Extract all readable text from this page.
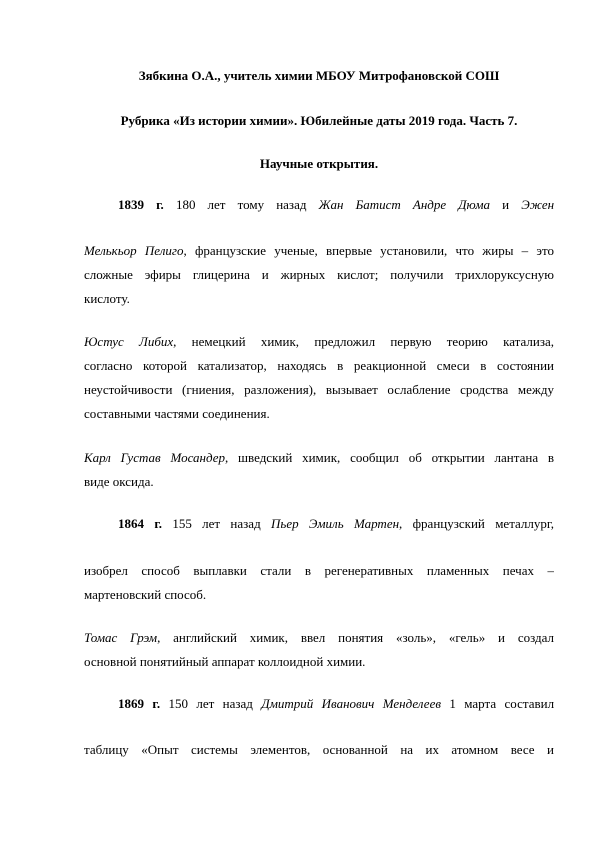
Зябкина О.А., учитель химии МБОУ Митрофановской СОШ
Рубрика «Из истории химии». Юбилейные даты 2019 года. Часть 7.
Научные открытия.
1839 г. 180 лет тому назад Жан Батист Андре Дюма и Эжен
Мелькьор Пелиго, французские ученые, впервые установили, что жиры – это
сложные эфиры глицерина и жирных кислот; получили трихлоруксусную
кислоту.
Юстус Либих, немецкий химик, предложил первую теорию катализа,
согласно которой катализатор, находясь в реакционной смеси в состоянии
неустойчивости (гниения, разложения), вызывает ослабление сродства между
составными частями соединения.
Карл Густав Мосандер, шведский химик, сообщил об открытии лантана в
виде оксида.
1864 г. 155 лет назад Пьер Эмиль Мартен, французский металлург,
изобрел способ выплавки стали в регенеративных пламенных печах –
мартеновский способ.
Томас Грэм, английский химик, ввел понятия «золь», «гель» и создал
основной понятийный аппарат коллоидной химии.
1869 г. 150 лет назад Дмитрий Иванович Менделеев 1 марта составил
таблицу «Опыт системы элементов, основанной на их атомном весе и
